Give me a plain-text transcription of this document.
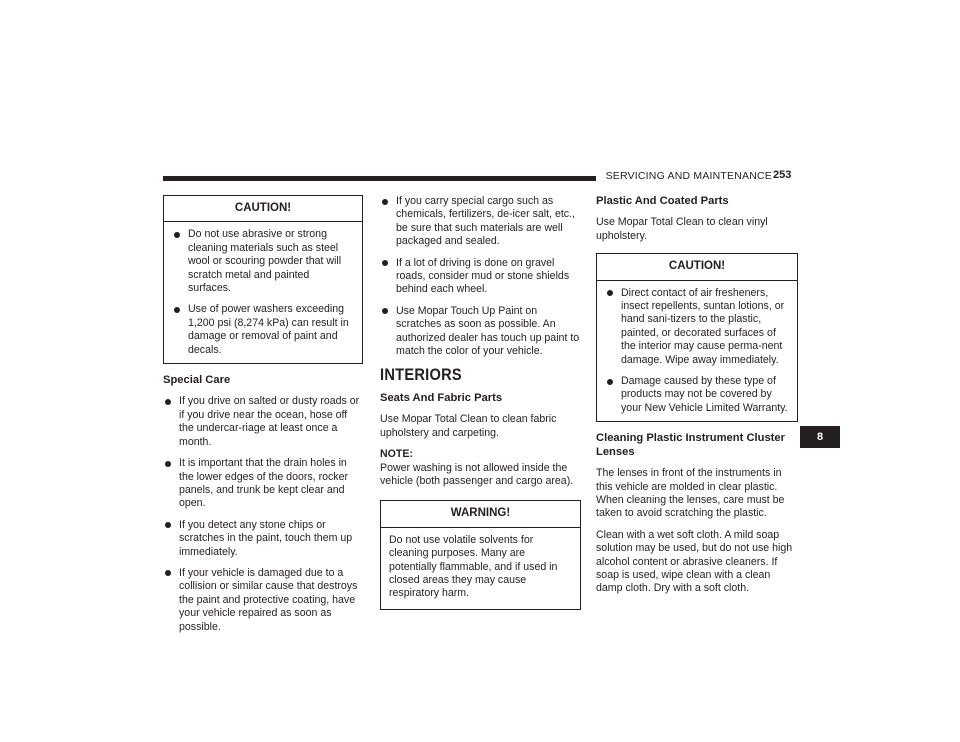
SERVICING AND MAINTENANCE 253
CAUTION!
Do not use abrasive or strong cleaning materials such as steel wool or scouring powder that will scratch metal and painted surfaces.
Use of power washers exceeding 1,200 psi (8,274 kPa) can result in damage or removal of paint and decals.
Special Care
If you drive on salted or dusty roads or if you drive near the ocean, hose off the undercar-riage at least once a month.
It is important that the drain holes in the lower edges of the doors, rocker panels, and trunk be kept clear and open.
If you detect any stone chips or scratches in the paint, touch them up immediately.
If your vehicle is damaged due to a collision or similar cause that destroys the paint and protective coating, have your vehicle repaired as soon as possible.
If you carry special cargo such as chemicals, fertilizers, de-icer salt, etc., be sure that such materials are well packaged and sealed.
If a lot of driving is done on gravel roads, consider mud or stone shields behind each wheel.
Use Mopar Touch Up Paint on scratches as soon as possible. An authorized dealer has touch up paint to match the color of your vehicle.
INTERIORS
Seats And Fabric Parts

Use Mopar Total Clean to clean fabric upholstery and carpeting.

NOTE:

Power washing is not allowed inside the vehicle (both passenger and cargo area).

WARNING!

Do not use volatile solvents for cleaning purposes. Many are potentially flammable, and if used in closed areas they may cause respiratory harm.

Plastic And Coated Parts

Use Mopar Total Clean to clean vinyl upholstery.

CAUTION!
Direct contact of air fresheners, insect repellents, suntan lotions, or hand sani-tizers to the plastic, painted, or decorated surfaces of the interior may cause perma-nent damage. Wipe away immediately.
Damage caused by these type of products may not be covered by your New Vehicle Limited Warranty.
Cleaning Plastic Instrument Cluster Lenses

The lenses in front of the instruments in this vehicle are molded in clear plastic. When cleaning the lenses, care must be taken to avoid scratching the plastic.

Clean with a wet soft cloth. A mild soap solution may be used, but do not use high alcohol content or abrasive cleaners. If soap is used, wipe clean with a clean damp cloth. Dry with a soft cloth.

8
